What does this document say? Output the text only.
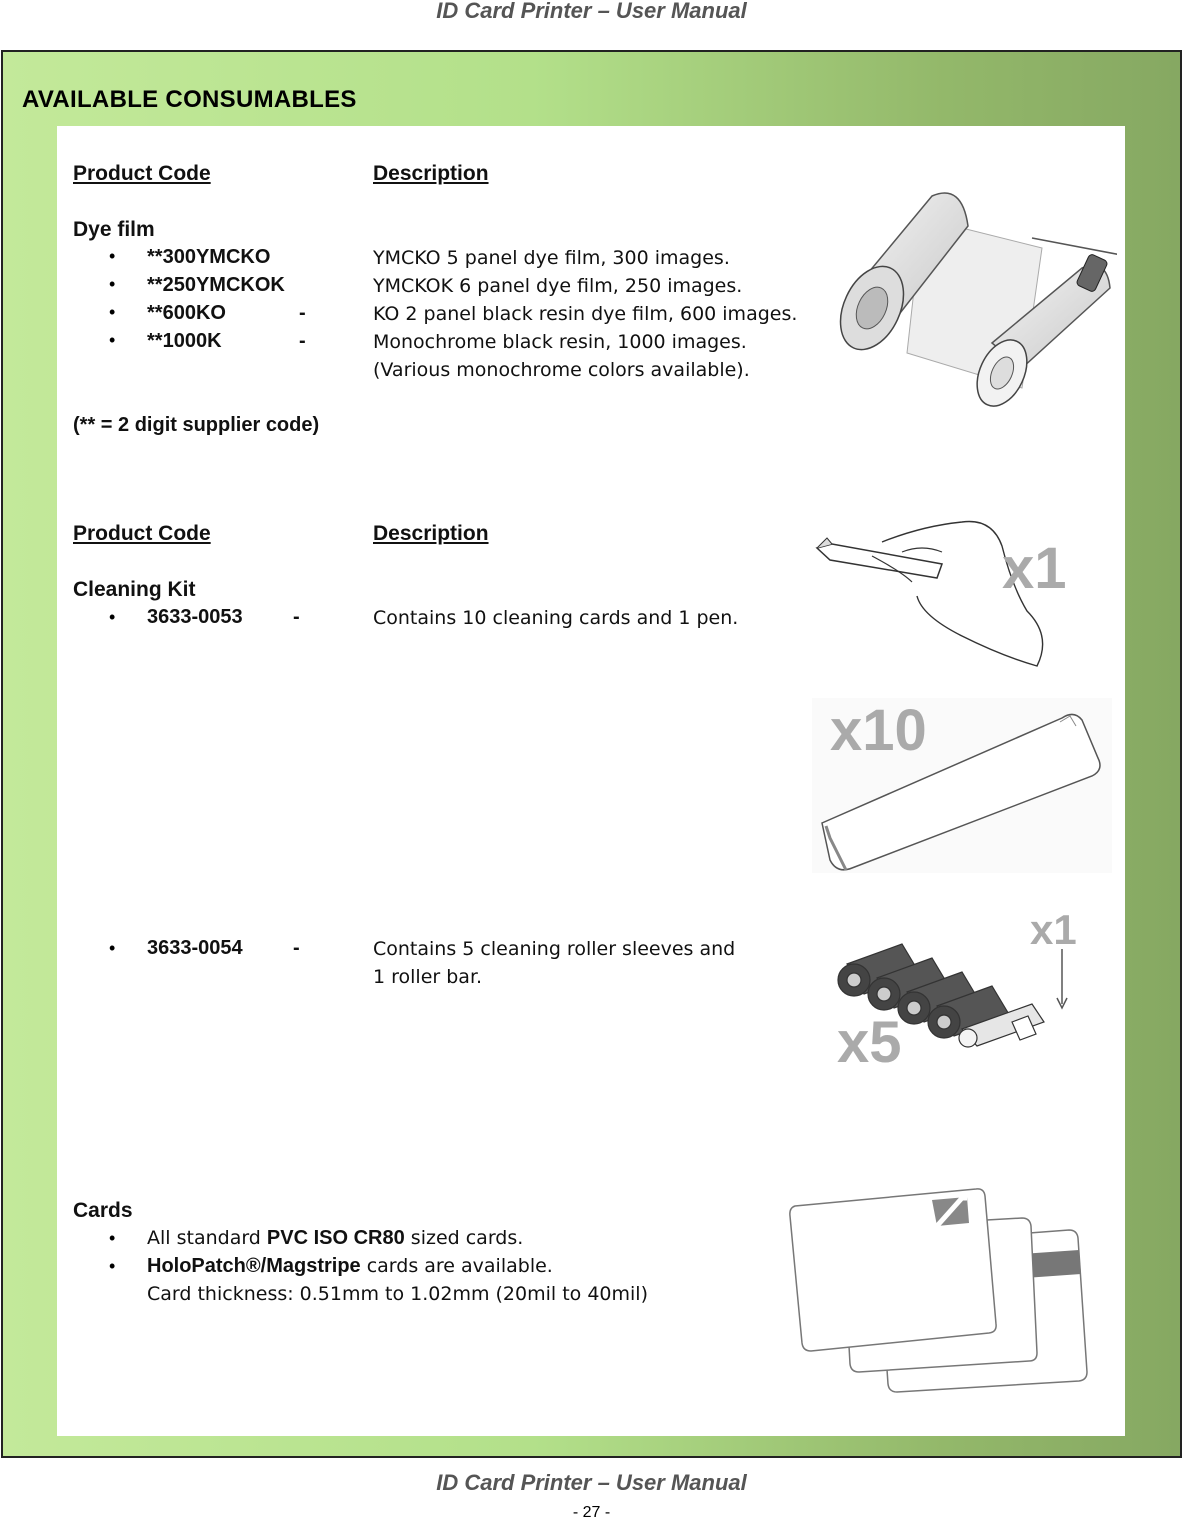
ID Card Printer – User Manual
AVAILABLE CONSUMABLES
Product Code	Description
Dye film
•
**300YMCKO	YMCKO 5 panel dye film, 300 images.
•
**250YMCKOK	YMCKOK 6 panel dye film, 250 images.
•
**600KO	-	KO 2 panel black resin dye film, 600 images.
•
**1000K	-	Monochrome black resin, 1000 images.
(Various monochrome colors available).
(** = 2 digit supplier code)
Product Code	Description
Cleaning Kit
•
3633-0053	-	Contains 10 cleaning cards and 1 pen.
x1
x10
•
3633-0054	-	Contains 5 cleaning roller sleeves and
1 roller bar.
x1
x5
Cards
•
All standard PVC ISO CR80 sized cards.
•
HoloPatch®/Magstripe cards are available.
Card thickness: 0.51mm to 1.02mm (20mil to 40mil)
ID Card Printer – User Manual
- 27 -
